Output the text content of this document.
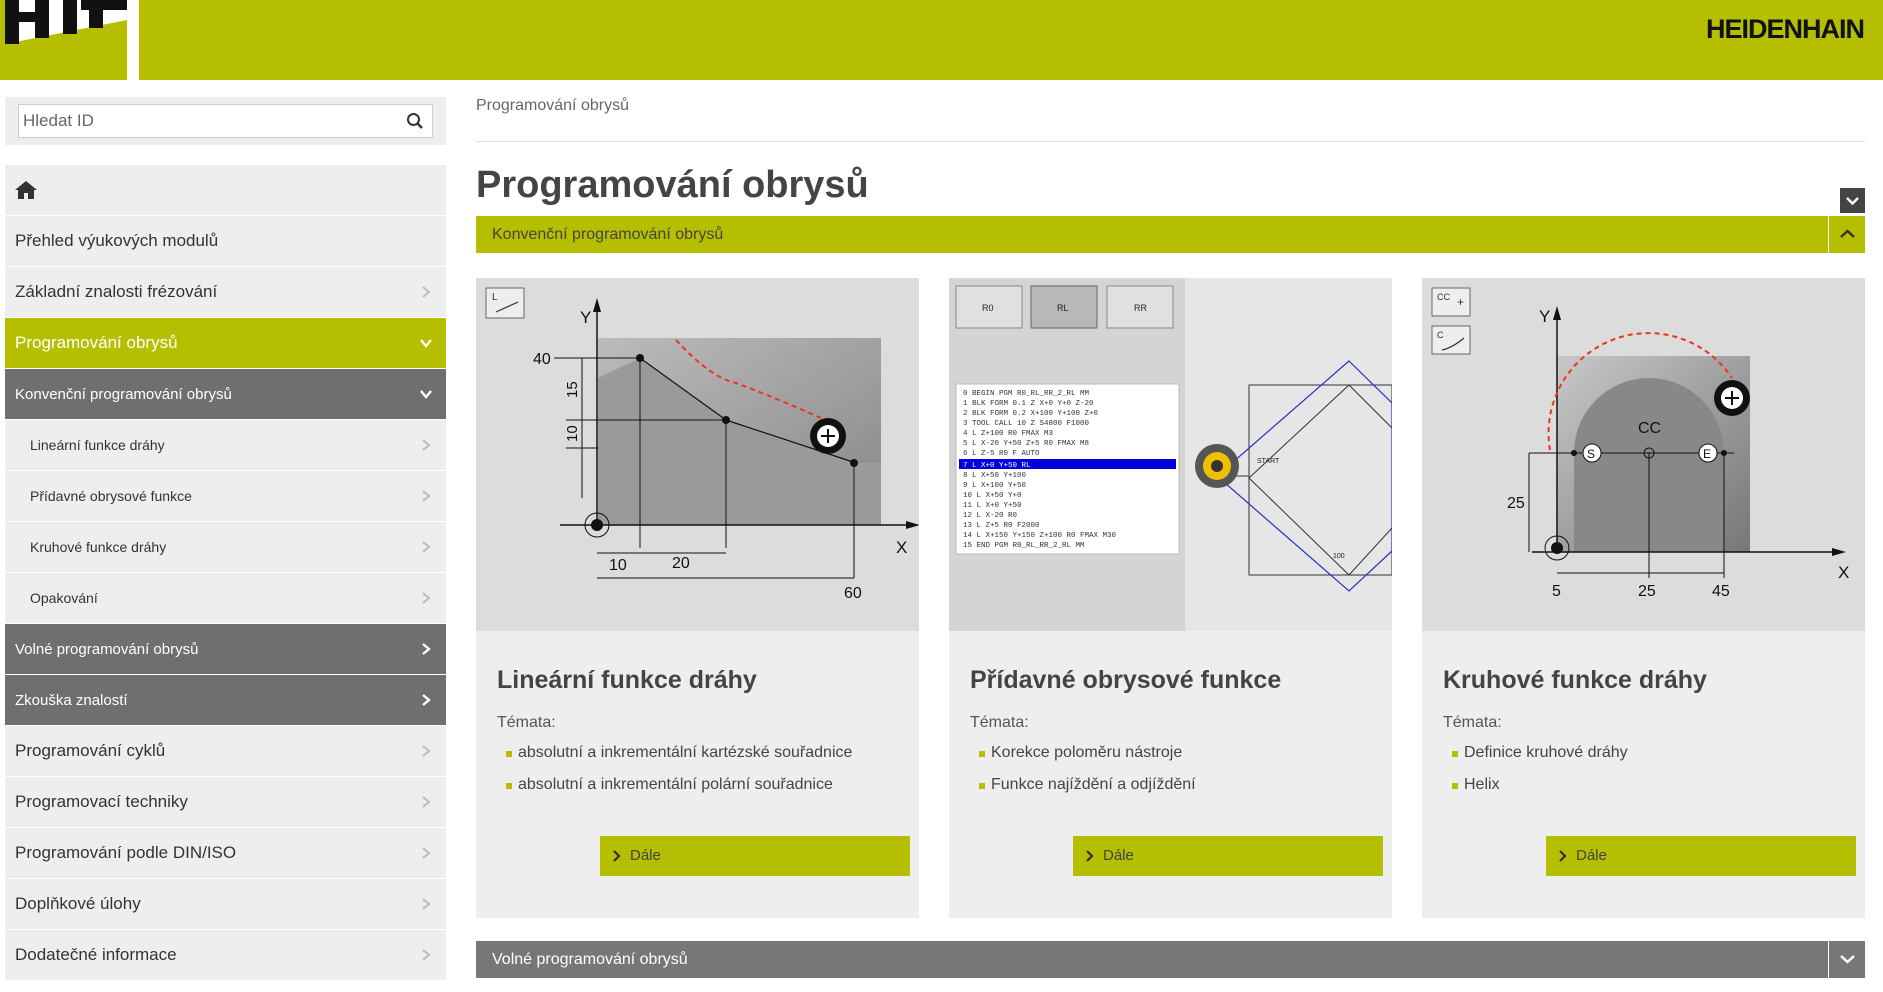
HEIDENHAIN
Hledat ID
Přehled výukových modulů
Základní znalosti frézování
Programování obrysů
Konvenční programování obrysů
Lineární funkce dráhy
Přídavné obrysové funkce
Kruhové funkce dráhy
Opakování
Volné programování obrysů
Zkouška znalostí
Programování cyklů
Programovací techniky
Programování podle DIN/ISO
Doplňkové úlohy
Dodatečné informace
Programování obrysů
Programování obrysů
Konvenční programování obrysů
L
Y
X
40
15
10
10	20
60
Lineární funkce dráhy
Témata:
absolutní a inkrementální kartézské souřadnice
absolutní a inkrementální polární souřadnice
Dále
R0	RL	RR
0 BEGIN PGM R0_RL_RR_2_RL MM
1 BLK FORM 0.1 Z X+0 Y+0 Z-20
2 BLK FORM 0.2 X+100 Y+100 Z+0
3 TOOL CALL 10 Z S4800 F1000
4 L Z+100 R0 FMAX M3
5 L X-20 Y+50 Z+5 R0 FMAX M8
6 L Z-5 R0 F AUTO
7 L X+0 Y+50 RL
8 L X+50 Y+100
9 L X+100 Y+50
10 L X+50 Y+0
11 L X+0 Y+50
12 L X-20 R0
13 L Z+5 R0 F2000
14 L X+150 Y+150 Z+100 R0 FMAX M30
15 END PGM R0_RL_RR_2_RL MM
START
100
Přídavné obrysové funkce
Témata:
Korekce poloměru nástroje
Funkce najíždění a odjíždění
Dále
CC +
C
S	E
Y
X
CC
25
5	25	45
Kruhové funkce dráhy
Témata:
Definice kruhové dráhy
Helix
Dále
Volné programování obrysů
